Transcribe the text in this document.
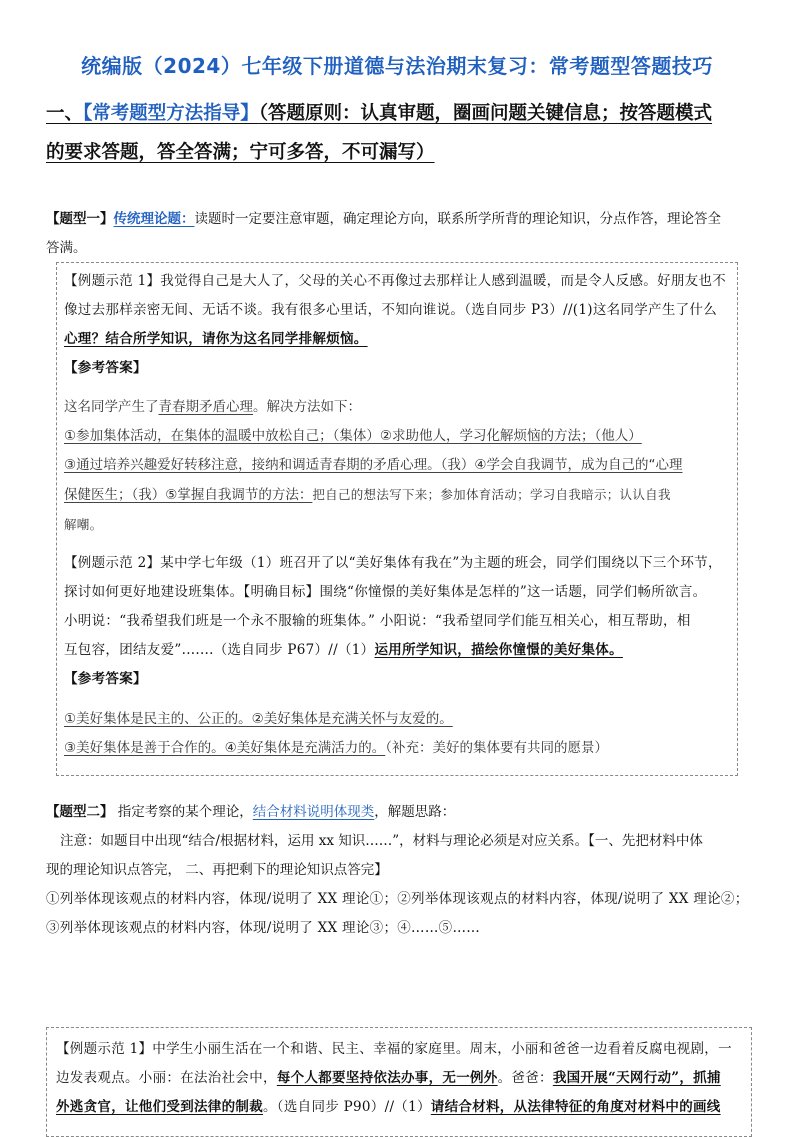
统编版（2024）七年级下册道德与法治期末复习：常考题型答题技巧
一、【常考题型方法指导】（答题原则：认真审题，圈画问题关键信息；按答题模式
的要求答题，答全答满；宁可多答，不可漏写）
【题型一】传统理论题：读题时一定要注意审题，确定理论方向，联系所学所背的理论知识，分点作答，理论答全
答满。
【例题示范 1】我觉得自己是大人了，父母的关心不再像过去那样让人感到温暖，而是令人反感。好朋友也不
像过去那样亲密无间、无话不谈。我有很多心里话，不知向谁说。（选自同步 P3）//(1)这名同学产生了什么
心理？结合所学知识，请你为这名同学排解烦恼。
【参考答案】
这名同学产生了青春期矛盾心理。解决方法如下：
①参加集体活动，在集体的温暖中放松自己；（集体）②求助他人，学习化解烦恼的方法；（他人）
③通过培养兴趣爱好转移注意，接纳和调适青春期的矛盾心理。（我）④学会自我调节，成为自己的“心理
保健医生；（我）⑤掌握自我调节的方法：把自己的想法写下来；参加体育活动；学习自我暗示；认认自我
解嘲。
【例题示范 2】某中学七年级（1）班召开了以“美好集体有我在”为主题的班会，同学们围绕以下三个环节，
探讨如何更好地建设班集体。【明确目标】围绕“你憧憬的美好集体是怎样的”这一话题，同学们畅所欲言。
小明说：“我希望我们班是一个永不服输的班集体。” 小阳说：“我希望同学们能互相关心，相互帮助，相
互包容，团结友爱”.......（选自同步 P67）//（1）运用所学知识，描绘你憧憬的美好集体。
【参考答案】
①美好集体是民主的、公正的。②美好集体是充满关怀与友爱的。
③美好集体是善于合作的。④美好集体是充满活力的。（补充：美好的集体要有共同的愿景）
【题型二】 指定考察的某个理论，结合材料说明体现类，解题思路：
注意：如题目中出现“结合/根据材料，运用 xx 知识……”，材料与理论必须是对应关系。【一、先把材料中体
现的理论知识点答完， 二、再把剩下的理论知识点答完】
①列举体现该观点的材料内容，体现/说明了 XX 理论①；②列举体现该观点的材料内容，体现/说明了 XX 理论②；
③列举体现该观点的材料内容，体现/说明了 XX 理论③；④……⑤……
【例题示范 1】中学生小丽生活在一个和谐、民主、幸福的家庭里。周末，小丽和爸爸一边看着反腐电视剧，一
边发表观点。小丽：在法治社会中，每个人都要坚持依法办事，无一例外。爸爸：我国开展“天网行动”，抓捕
外逃贪官，让他们受到法律的制裁。（选自同步 P90）//（1）请结合材料，从法律特征的角度对材料中的画线
